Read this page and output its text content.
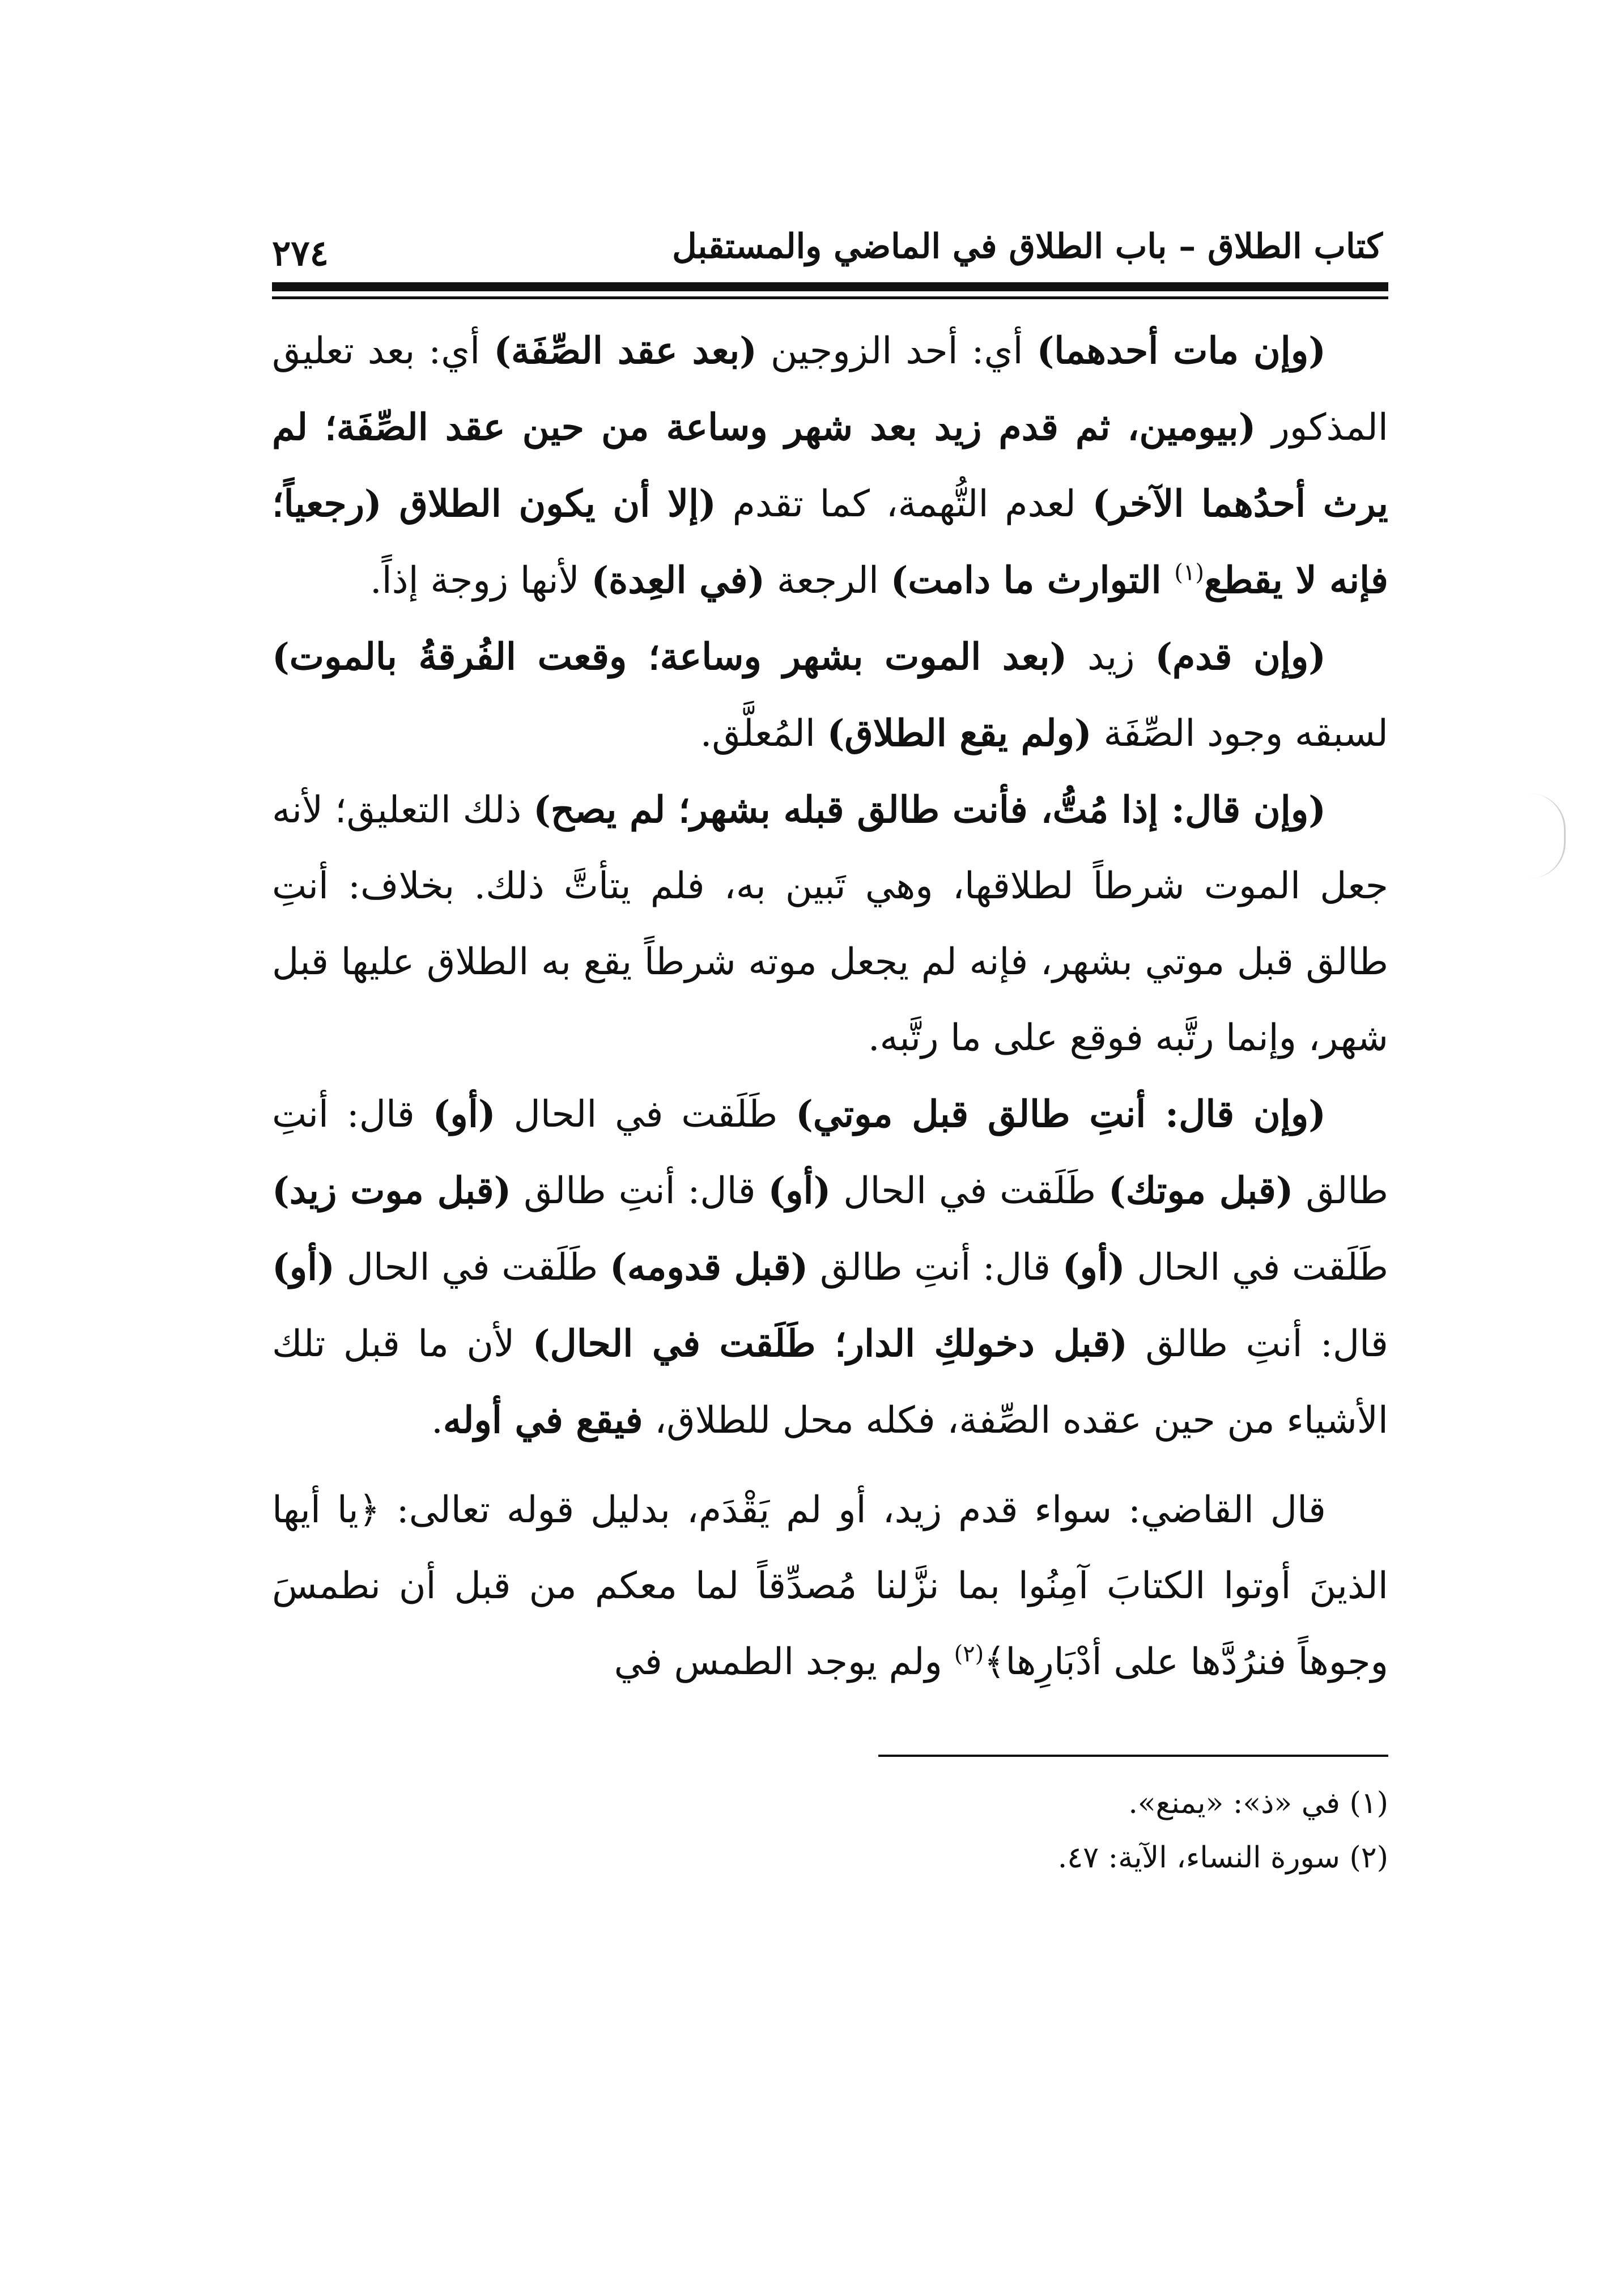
٢٧٤	كتاب الطلاق – باب الطلاق في الماضي والمستقبل

(وإن مات أحدهما) أي: أحد الزوجين (بعد عقد الصِّفَة) أي: بعد تعليق المذكور (بيومين، ثم قدم زيد بعد شهر وساعة من حين عقد الصِّفَة؛ لم يرث أحدُهما الآخر) لعدم التُّهمة، كما تقدم (إلا أن يكون الطلاق (رجعياً؛ فإنه لا يقطع$^{(١)}$ التوارث ما دامت) الرجعة (في العِدة) لأنها زوجة إذاً.

(وإن قدم) زيد (بعد الموت بشهر وساعة؛ وقعت الفُرقةُ بالموت) لسبقه وجود الصِّفَة (ولم يقع الطلاق) المُعلَّق.

(وإن قال: إذا مُتُّ، فأنت طالق قبله بشهر؛ لم يصح) ذلك التعليق؛ لأنه جعل الموت شرطاً لطلاقها، وهي تَبين به، فلم يتأتَّ ذلك. بخلاف: أنتِ طالق قبل موتي بشهر، فإنه لم يجعل موته شرطاً يقع به الطلاق عليها قبل شهر، وإنما رتَّبه فوقع على ما رتَّبه.

(وإن قال: أنتِ طالق قبل موتي) طَلَقت في الحال (أو) قال: أنتِ طالق (قبل موتك) طَلَقت في الحال (أو) قال: أنتِ طالق (قبل موت زيد) طَلَقت في الحال (أو) قال: أنتِ طالق (قبل قدومه) طَلَقت في الحال (أو) قال: أنتِ طالق (قبل دخولكِ الدار؛ طَلَقت في الحال) لأن ما قبل تلك الأشياء من حين عقده الصِّفة، فكله محل للطلاق، فيقع في أوله.

قال القاضي: سواء قدم زيد، أو لم يَقْدَم، بدليل قوله تعالى: ﴿يا أيها الذينَ أوتوا الكتابَ آمِنُوا بما نزَّلنا مُصدِّقاً لما معكم من قبل أن نطمسَ وجوهاً فنرُدَّها على أدْبَارِها﴾$^{(٢)}$ ولم يوجد الطمس في

(١) في «ذ»: «يمنع».

(٢) سورة النساء، الآية: ٤٧.
